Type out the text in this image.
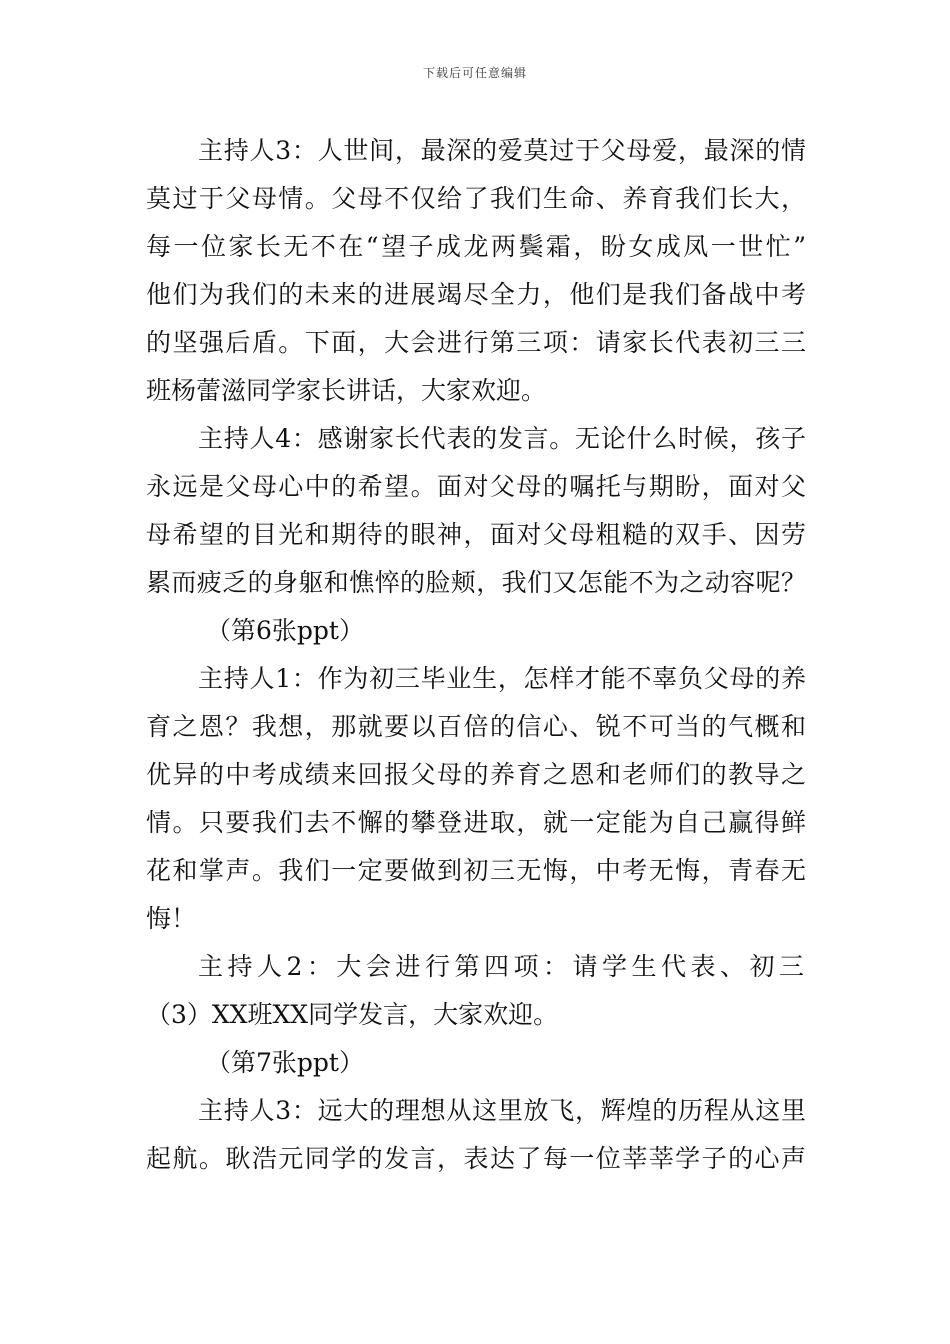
下载后可任意编辑
主持人3：人世间，最深的爱莫过于父母爱，最深的情
莫过于父母情。父母不仅给了我们生命、养育我们长大，
每一位家长无不在“望子成龙两鬓霜，盼女成凤一世忙”
他们为我们的未来的进展竭尽全力，他们是我们备战中考
的坚强后盾。下面，大会进行第三项：请家长代表初三三
班杨蕾滋同学家长讲话，大家欢迎。
主持人4：感谢家长代表的发言。无论什么时候，孩子
永远是父母心中的希望。面对父母的嘱托与期盼，面对父
母希望的目光和期待的眼神，面对父母粗糙的双手、因劳
累而疲乏的身躯和憔悴的脸颊，我们又怎能不为之动容呢？
（第6张ppt）
主持人1：作为初三毕业生，怎样才能不辜负父母的养
育之恩？我想，那就要以百倍的信心、锐不可当的气概和
优异的中考成绩来回报父母的养育之恩和老师们的教导之
情。只要我们去不懈的攀登进取，就一定能为自己赢得鲜
花和掌声。我们一定要做到初三无悔，中考无悔，青春无
悔！
主持人2：大会进行第四项：请学生代表、初三
（3）XX班XX同学发言，大家欢迎。
（第7张ppt）
主持人3：远大的理想从这里放飞，辉煌的历程从这里
起航。耿浩元同学的发言，表达了每一位莘莘学子的心声
